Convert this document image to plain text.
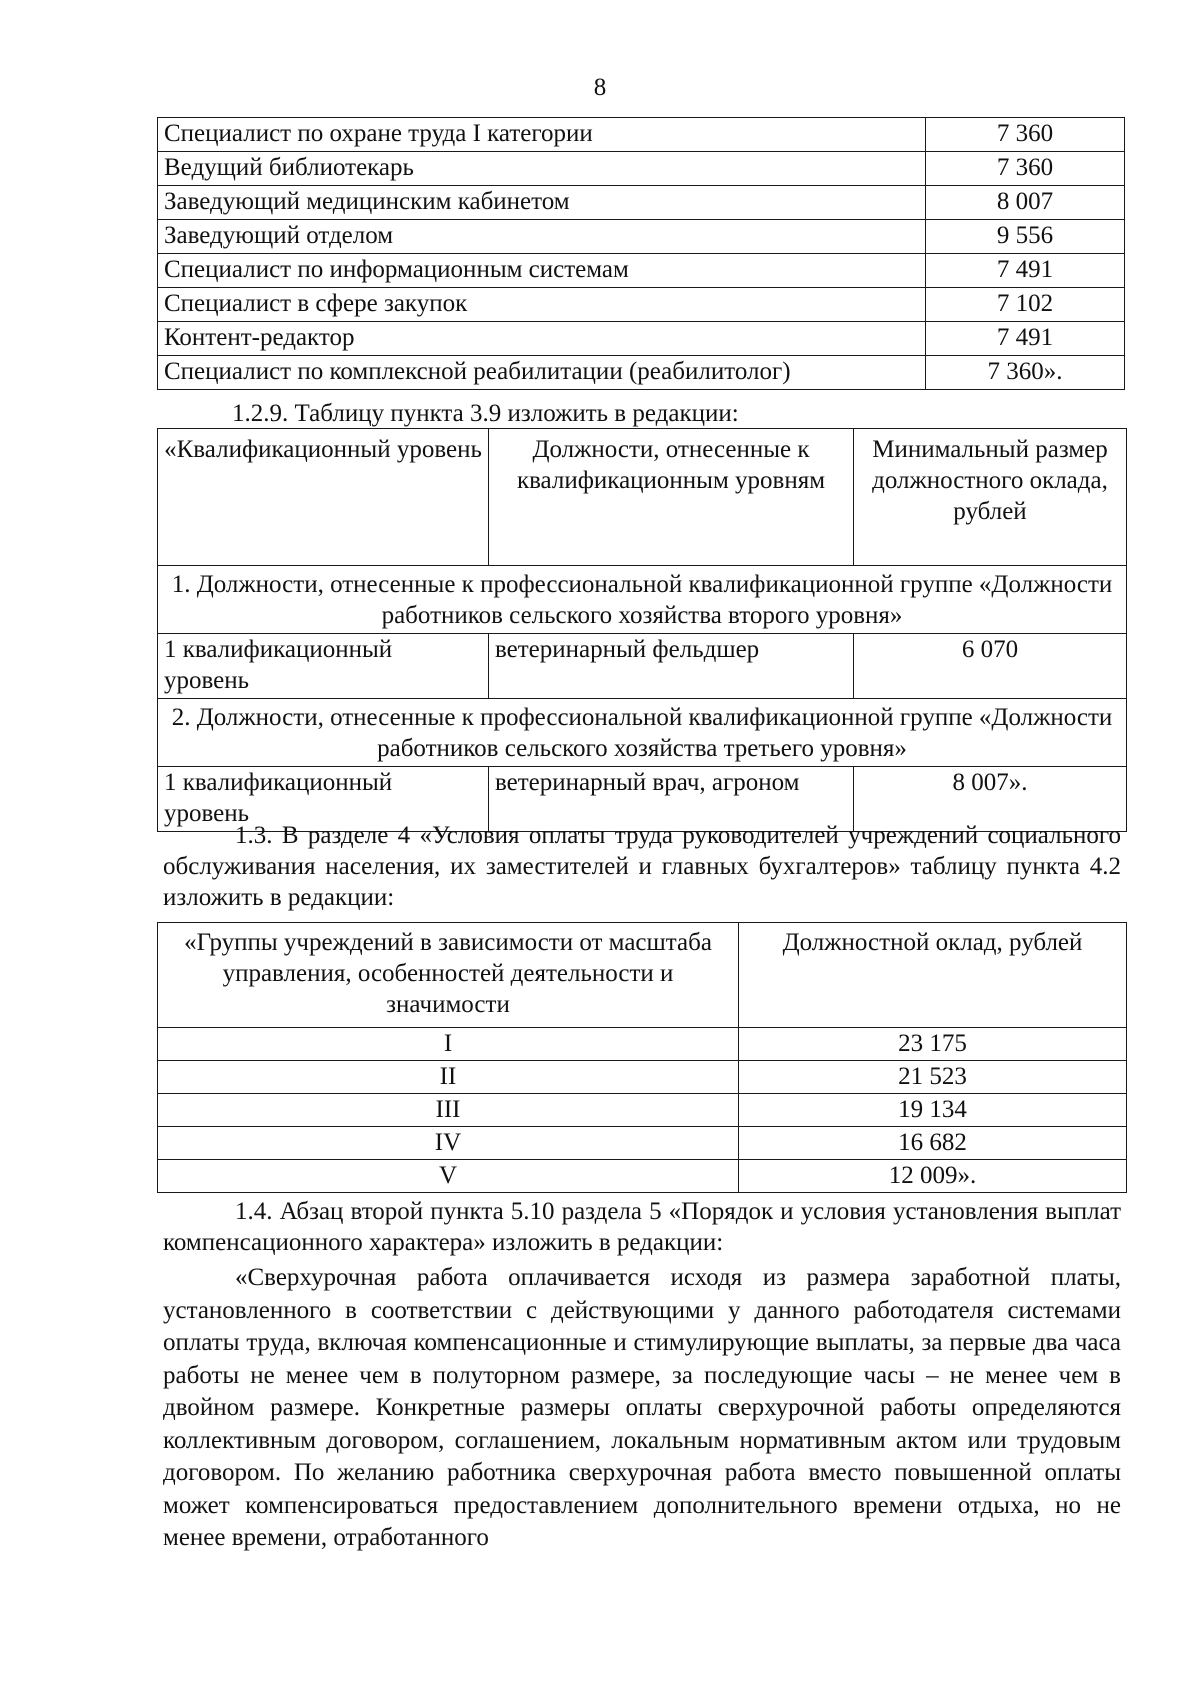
8
Специалист по охране труда I категории	7 360
Ведущий библиотекарь	7 360
Заведующий медицинским кабинетом	8 007
Заведующий отделом	9 556
Специалист по информационным системам	7 491
Специалист в сфере закупок	7 102
Контент-редактор	7 491
Специалист по комплексной реабилитации (реабилитолог)	7 360».
1.2.9. Таблицу пункта 3.9 изложить в редакции:
«Квалификационный уровень	Должности, отнесенные к квалификационным уровням	Минимальный размер должностного оклада, рублей
1. Должности, отнесенные к профессиональной квалификационной группе «Должности работников сельского хозяйства второго уровня»		
1 квалификационный уровень	ветеринарный фельдшер	6 070
2. Должности, отнесенные к профессиональной квалификационной группе «Должности работников сельского хозяйства третьего уровня»		
1 квалификационный уровень	ветеринарный врач, агроном	8 007».

1.3. В разделе 4 «Условия оплаты труда руководителей учреждений социального обслуживания населения, их заместителей и главных бухгалтеров» таблицу пункта 4.2 изложить в редакции:

«Группы учреждений в зависимости от масштаба управления, особенностей деятельности и значимости	Должностной оклад, рублей
I	23 175
II	21 523
III	19 134
IV	16 682
V	12 009».

1.4. Абзац второй пункта 5.10 раздела 5 «Порядок и условия установления выплат компенсационного характера» изложить в редакции:

«Сверхурочная работа оплачивается исходя из размера заработной платы, установленного в соответствии с действующими у данного работодателя системами оплаты труда, включая компенсационные и стимулирующие выплаты, за первые два часа работы не менее чем в полуторном размере, за последующие часы – не менее чем в двойном размере. Конкретные размеры оплаты сверхурочной работы определяются коллективным договором, соглашением, локальным нормативным актом или трудовым договором. По желанию работника сверхурочная работа вместо повышенной оплаты может компенсироваться предоставлением дополнительного времени отдыха, но не менее времени, отработанного
